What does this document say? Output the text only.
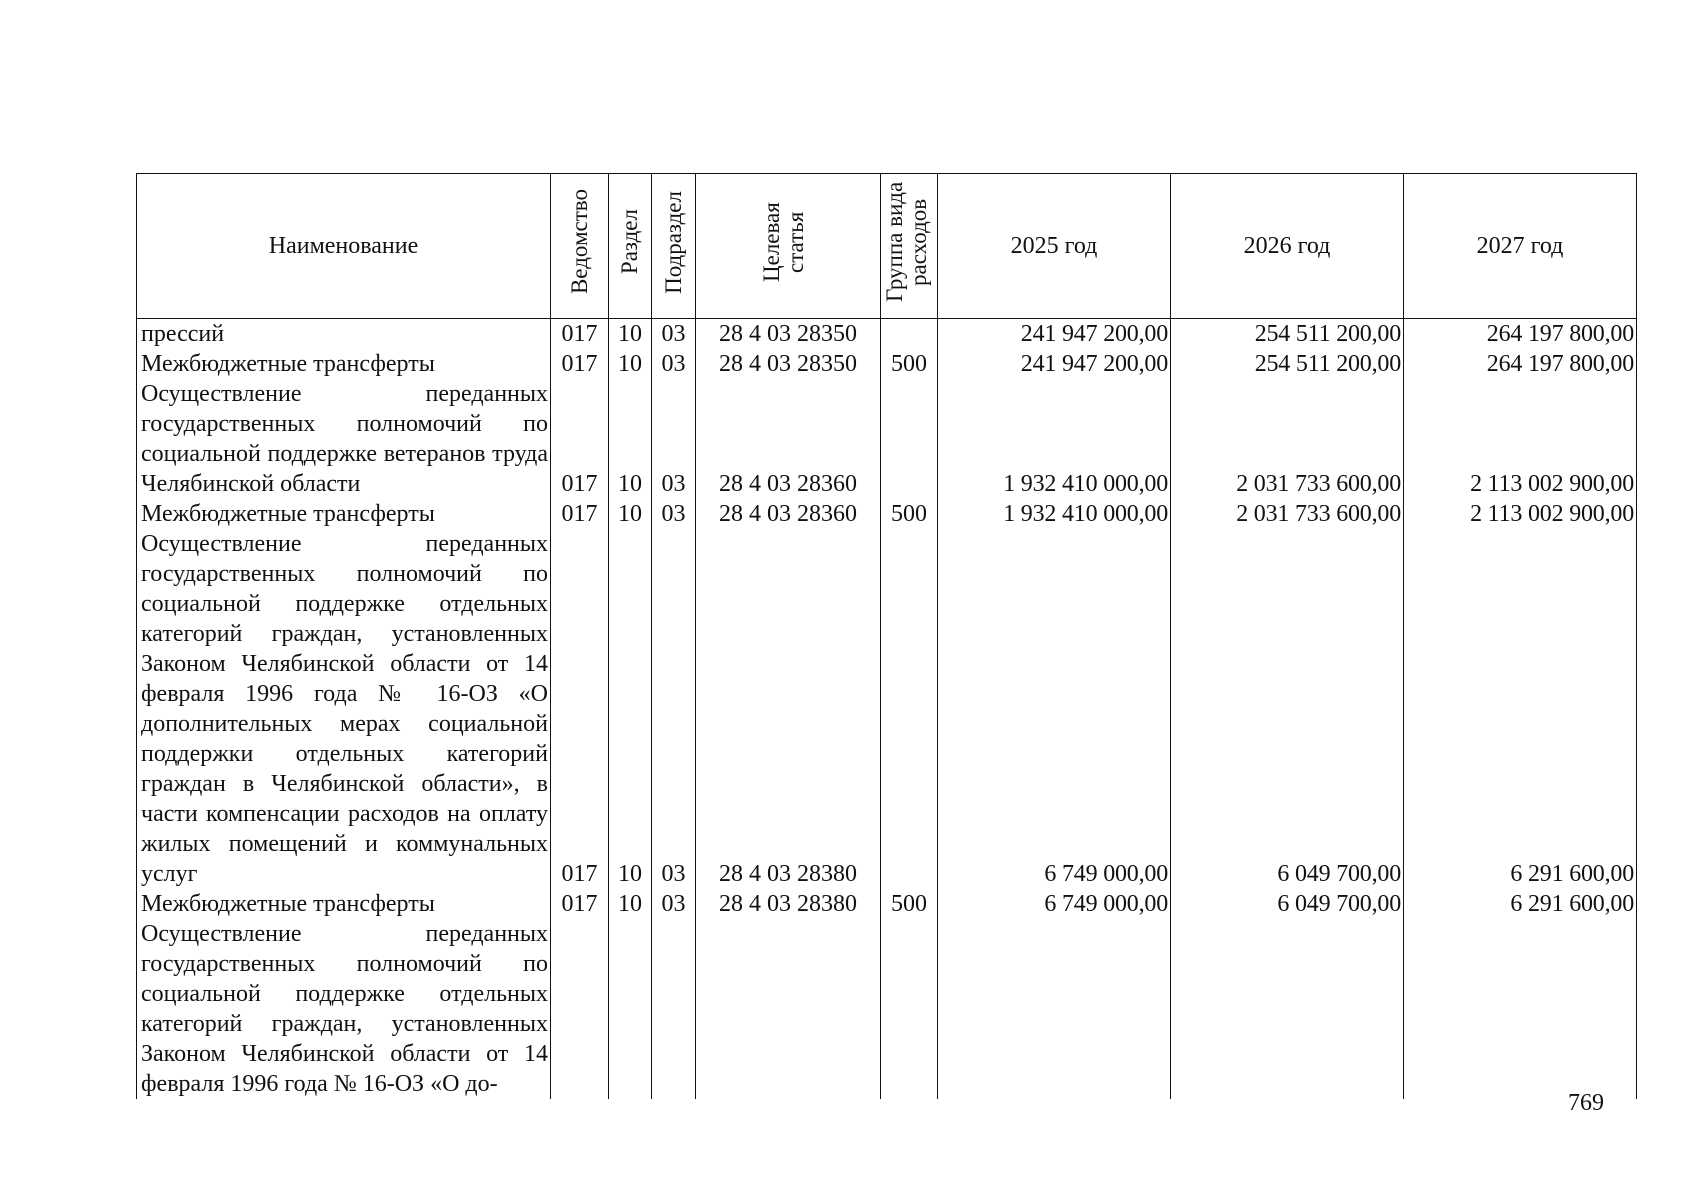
Наименование	Ведомство	Раздел	Подраздел	Целевая статья	Группа вида расходов	2025 год	2026 год	2027 год
прессий	017	10	03	28 4 03 28350		241 947 200,00	254 511 200,00	264 197 800,00
Межбюджетные трансферты	017	10	03	28 4 03 28350	500	241 947 200,00	254 511 200,00	264 197 800,00
Осуществление переданных государственных полномочий по социальной поддержке ветеранов труда Челябинской области	017	10	03	28 4 03 28360		1 932 410 000,00	2 031 733 600,00	2 113 002 900,00
Межбюджетные трансферты	017	10	03	28 4 03 28360	500	1 932 410 000,00	2 031 733 600,00	2 113 002 900,00
Осуществление переданных государственных полномочий по социальной поддержке отдельных категорий граждан, установленных Законом Челябинской области от 14 февраля 1996 года № 16-ОЗ «О дополнительных мерах социальной поддержки отдельных категорий граждан в Челябинской области», в части компенсации расходов на оплату жилых помещений и коммунальных услуг	017	10	03	28 4 03 28380		6 749 000,00	6 049 700,00	6 291 600,00
Межбюджетные трансферты	017	10	03	28 4 03 28380	500	6 749 000,00	6 049 700,00	6 291 600,00
Осуществление переданных государственных полномочий по социальной поддержке отдельных категорий граждан, установленных Законом Челябинской области от 14 февраля 1996 года № 16-ОЗ «О до-								
769
